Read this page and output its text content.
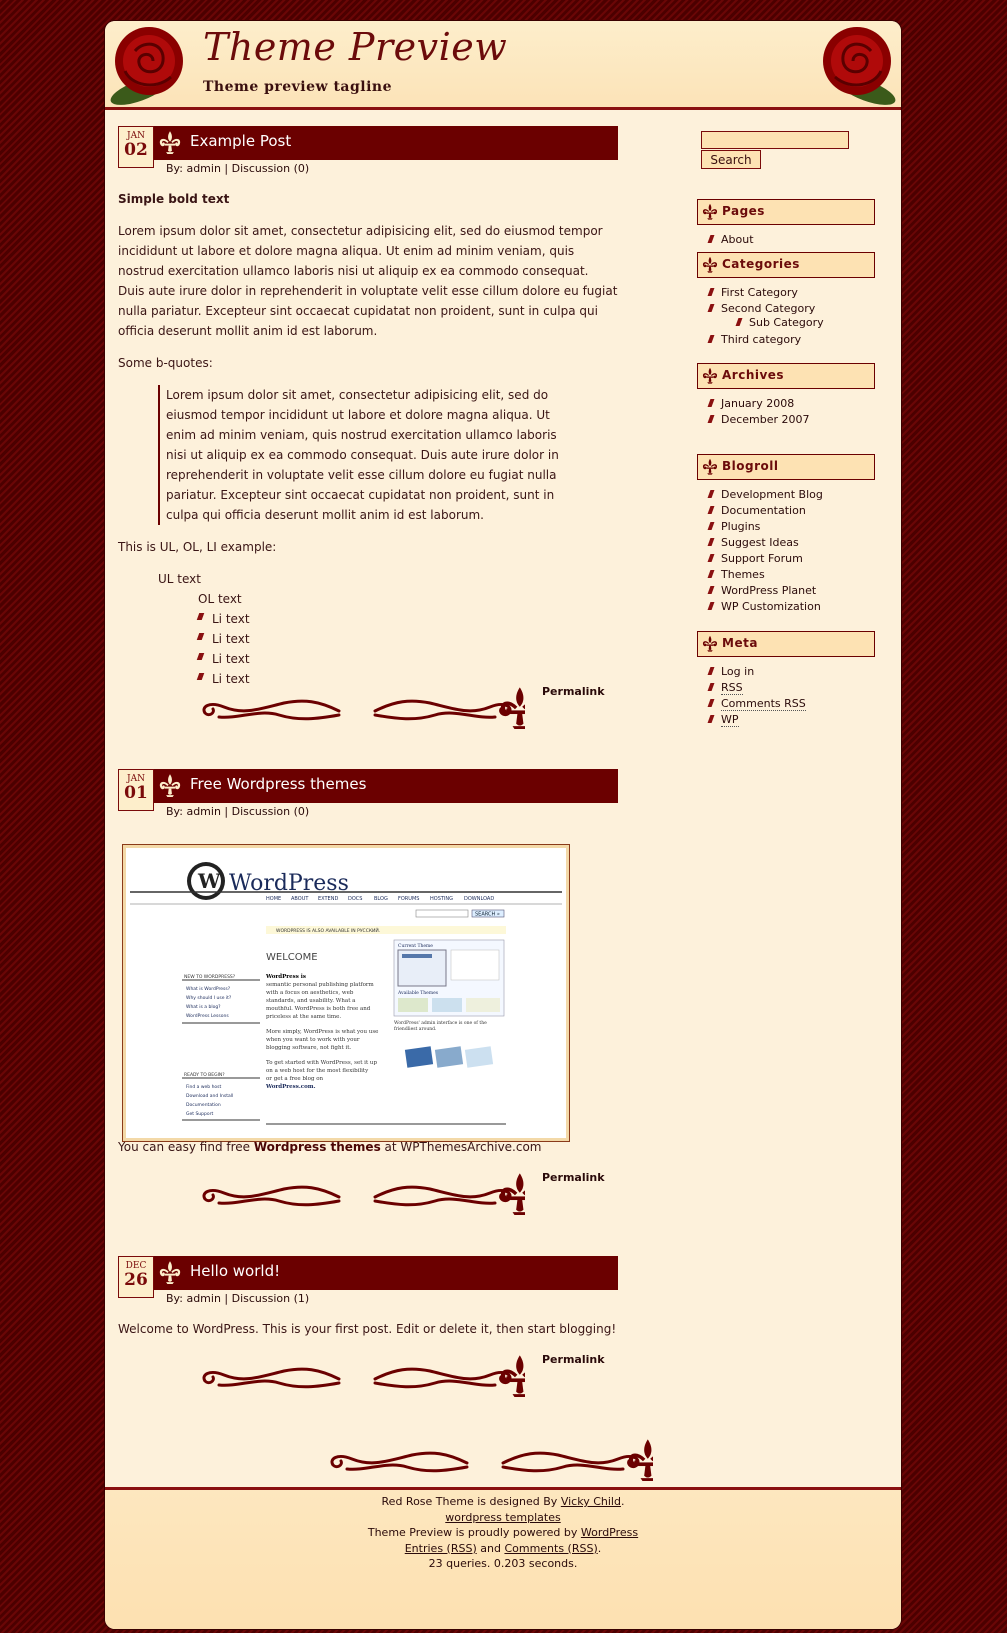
Theme Preview
Theme preview tagline
JAN
02	Example Post
By: admin | Discussion (0)

Simple bold text

Lorem ipsum dolor sit amet, consectetur adipisicing elit, sed do eiusmod tempor incididunt ut labore et dolore magna aliqua. Ut enim ad minim veniam, quis nostrud exercitation ullamco laboris nisi ut aliquip ex ea commodo consequat. Duis aute irure dolor in reprehenderit in voluptate velit esse cillum dolore eu fugiat nulla pariatur. Excepteur sint occaecat cupidatat non proident, sunt in culpa qui officia deserunt mollit anim id est laborum.

Some b-quotes:

Lorem ipsum dolor sit amet, consectetur adipisicing elit, sed do eiusmod tempor incididunt ut labore et dolore magna aliqua. Ut enim ad minim veniam, quis nostrud exercitation ullamco laboris nisi ut aliquip ex ea commodo consequat. Duis aute irure dolor in reprehenderit in voluptate velit esse cillum dolore eu fugiat nulla pariatur. Excepteur sint occaecat cupidatat non proident, sunt in culpa qui officia deserunt mollit anim id est laborum.

This is UL, OL, LI example:

UL text
OL text
Li text
Li text
Li text
Li text
Permalink
JAN
01	Free Wordpress themes
By: admin | Discussion (0)
W WordPress
HOME ABOUT EXTEND DOCS BLOG FORUMS HOSTING DOWNLOAD
SEARCH »
WORDPRESS IS ALSO AVAILABLE IN РУССКИЙ.
WELCOME
WordPress is
semantic personal publishing platform
with a focus on aesthetics, web
standards, and usability. What a
mouthful. WordPress is both free and
priceless at the same time.
More simply, WordPress is what you use
when you want to work with your
blogging software, not fight it.
To get started with WordPress, set it up
on a web host for the most flexibility
or get a free blog on
WordPress.com.
NEW TO WORDPRESS?
What is WordPress?
Why should I use it?
What is a blog?
WordPress Lessons
READY TO BEGIN?
Find a web host
Download and Install
Documentation
Get Support
Current Theme
Available Themes
WordPress' admin interface is one of the
friendliest around.
You can easy find free Wordpress themes at WPThemesArchive.com
Permalink
DEC
26	Hello world!
By: admin | Discussion (1)

Welcome to WordPress. This is your first post. Edit or delete it, then start blogging!

Permalink
Search
Pages
About
Categories
First Category
Second Category
Sub Category
Third category
Archives
January 2008
December 2007
Blogroll
Development Blog
Documentation
Plugins
Suggest Ideas
Support Forum
Themes
WordPress Planet
WP Customization
Meta
Log in
RSS
Comments RSS
WP
Red Rose Theme is designed By Vicky Child.
wordpress templates
Theme Preview is proudly powered by WordPress
Entries (RSS) and Comments (RSS).
23 queries. 0.203 seconds.
